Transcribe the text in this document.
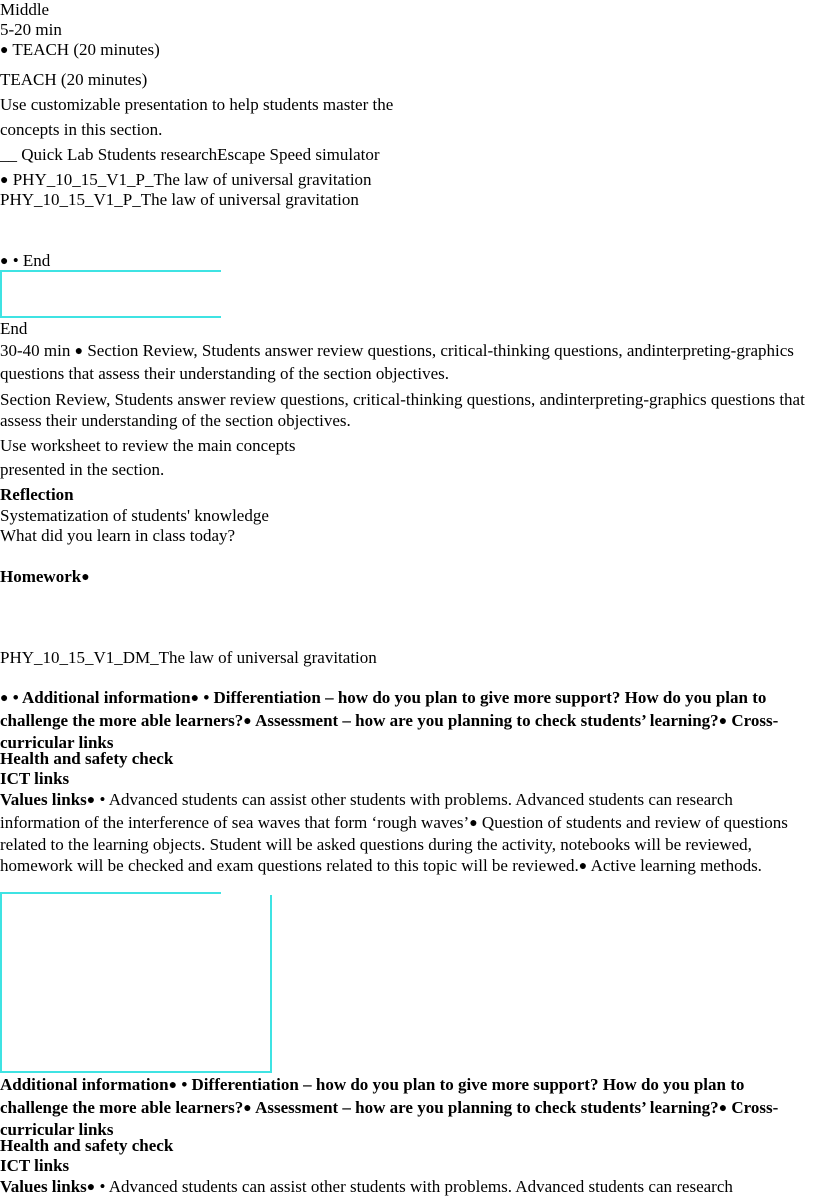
Middle
5-20 min
● TEACH (20 minutes)
TEACH (20 minutes)
Use customizable presentation to help students master the
concepts in this section.
__ Quick Lab Students researchEscape Speed simulator
● PHY_10_15_V1_P_The law of universal gravitation
PHY_10_15_V1_P_The law of universal gravitation
● • End
End
30-40 min ● Section Review, Students answer review questions, critical-thinking questions, andinterpreting-graphics questions that assess their understanding of the section objectives.
Section Review, Students answer review questions, critical-thinking questions, andinterpreting-graphics questions that assess their understanding of the section objectives.
Use worksheet to review the main concepts
presented in the section.
Reflection
Systematization of students' knowledge
What did you learn in class today?
Homework●
PHY_10_15_V1_DM_The law of universal gravitation
● • Additional information● • Differentiation – how do you plan to give more support? How do you plan to challenge the more able learners?● Assessment – how are you planning to check students’ learning?● Cross-curricular links
Health and safety check
ICT links
Values links● • Advanced students can assist other students with problems. Advanced students can research information of the interference of sea waves that form ‘rough waves’● Question of students and review of questions related to the learning objects. Student will be asked questions during the activity, notebooks will be reviewed, homework will be checked and exam questions related to this topic will be reviewed.● Active learning methods.
Additional information● • Differentiation – how do you plan to give more support? How do you plan to challenge the more able learners?● Assessment – how are you planning to check students’ learning?● Cross-curricular links
Health and safety check
ICT links
Values links● • Advanced students can assist other students with problems. Advanced students can research
